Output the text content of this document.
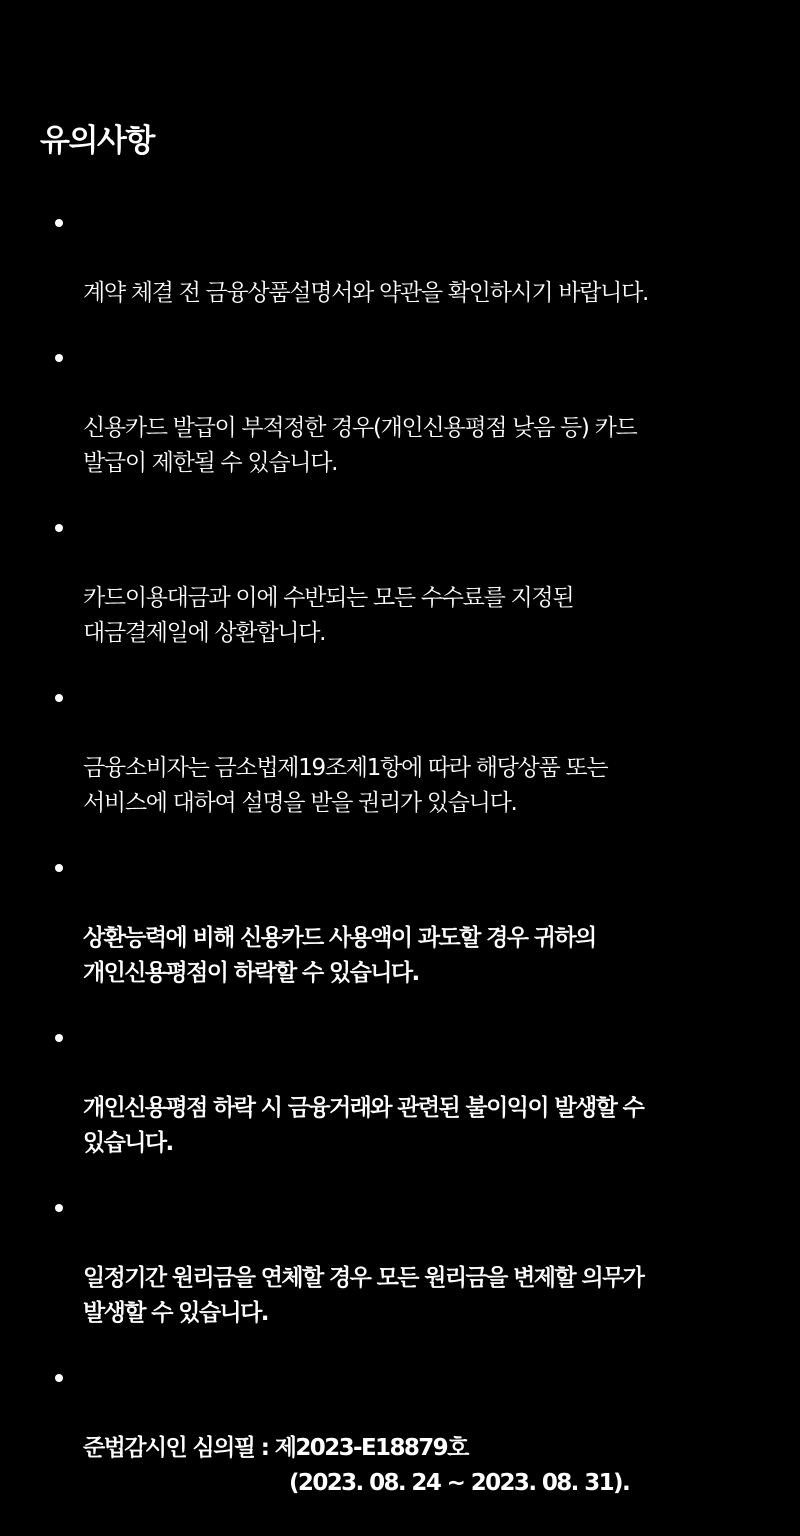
유의사항

계약 체결 전 금융상품설명서와 약관을 확인하시기 바랍니다.

신용카드 발급이 부적정한 경우(개인신용평점 낮음 등) 카드
발급이 제한될 수 있습니다.

카드이용대금과 이에 수반되는 모든 수수료를 지정된
대금결제일에 상환합니다.

금융소비자는 금소법제19조제1항에 따라 해당상품 또는
서비스에 대하여 설명을 받을 권리가 있습니다.

상환능력에 비해 신용카드 사용액이 과도할 경우 귀하의
개인신용평점이 하락할 수 있습니다.

개인신용평점 하락 시 금융거래와 관련된 불이익이 발생할 수
있습니다.

일정기간 원리금을 연체할 경우 모든 원리금을 변제할 의무가
발생할 수 있습니다.

준법감시인 심의필 : 제2023-E18879호

(2023. 08. 24 ~ 2023. 08. 31).
